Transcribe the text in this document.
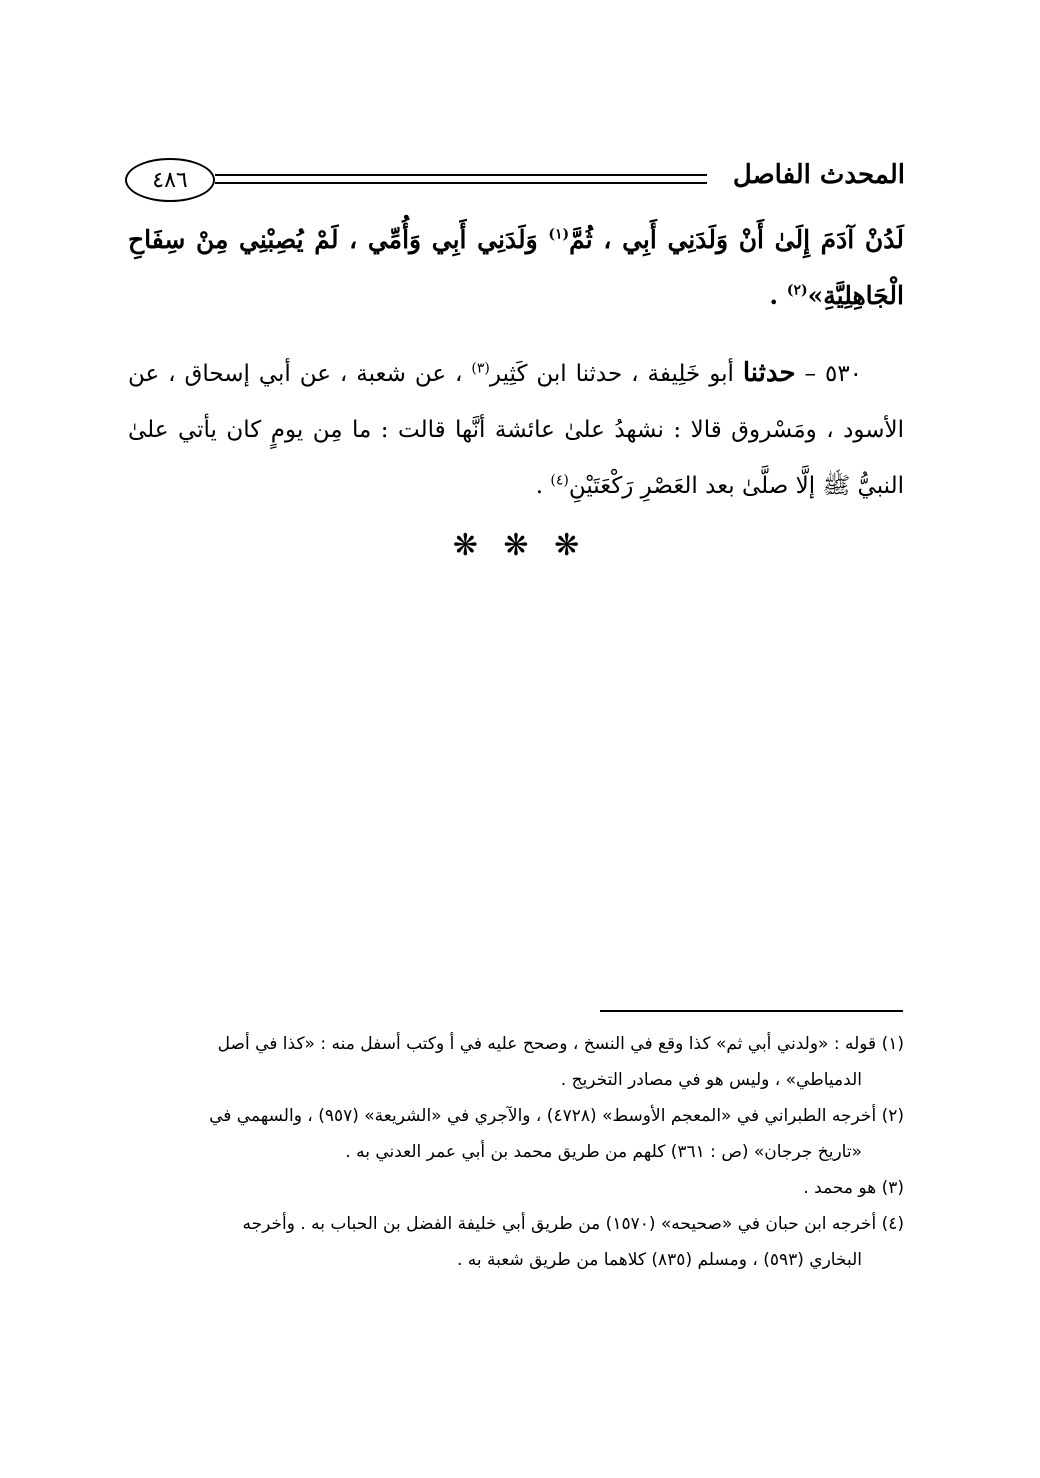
٤٨٦	المحدث الفاصل
لَدُنْ آدَمَ إِلَىٰ أَنْ وَلَدَنِي أَبِي ، ثُمَّ$^{(١)}$ وَلَدَنِي أَبِي وَأُمِّي ، لَمْ يُصِبْنِي مِنْ سِفَاحِ
الْجَاهِلِيَّةِ»$^{(٢)}$ .
٥٣٠ – حدثنا أبو خَلِيفة ، حدثنا ابن كَثِير$^{(٣)}$ ، عن شعبة ، عن أبي إسحاق ، عن الأسود ، ومَسْروق قالا : نشهدُ علىٰ عائشة أنَّها قالت : ما مِن يومٍ كان يأتي علىٰ النبيُّ ﷺ إلَّا صلَّىٰ بعد العَصْرِ رَكْعَتَيْنِ$^{(٤)}$ .
❋ ❋ ❋

(١) قوله : «ولدني أبي ثم» كذا وقع في النسخ ، وصحح عليه في أ وكتب أسفل منه : «كذا في أصل
الدمياطي» ، وليس هو في مصادر التخريج .

(٢) أخرجه الطبراني في «المعجم الأوسط» (٤٧٢٨) ، والآجري في «الشريعة» (٩٥٧) ، والسهمي في
«تاريخ جرجان» (ص : ٣٦١) كلهم من طريق محمد بن أبي عمر العدني به .

(٣) هو محمد .

(٤) أخرجه ابن حبان في «صحيحه» (١٥٧٠) من طريق أبي خليفة الفضل بن الحباب به . وأخرجه
البخاري (٥٩٣) ، ومسلم (٨٣٥) كلاهما من طريق شعبة به .
